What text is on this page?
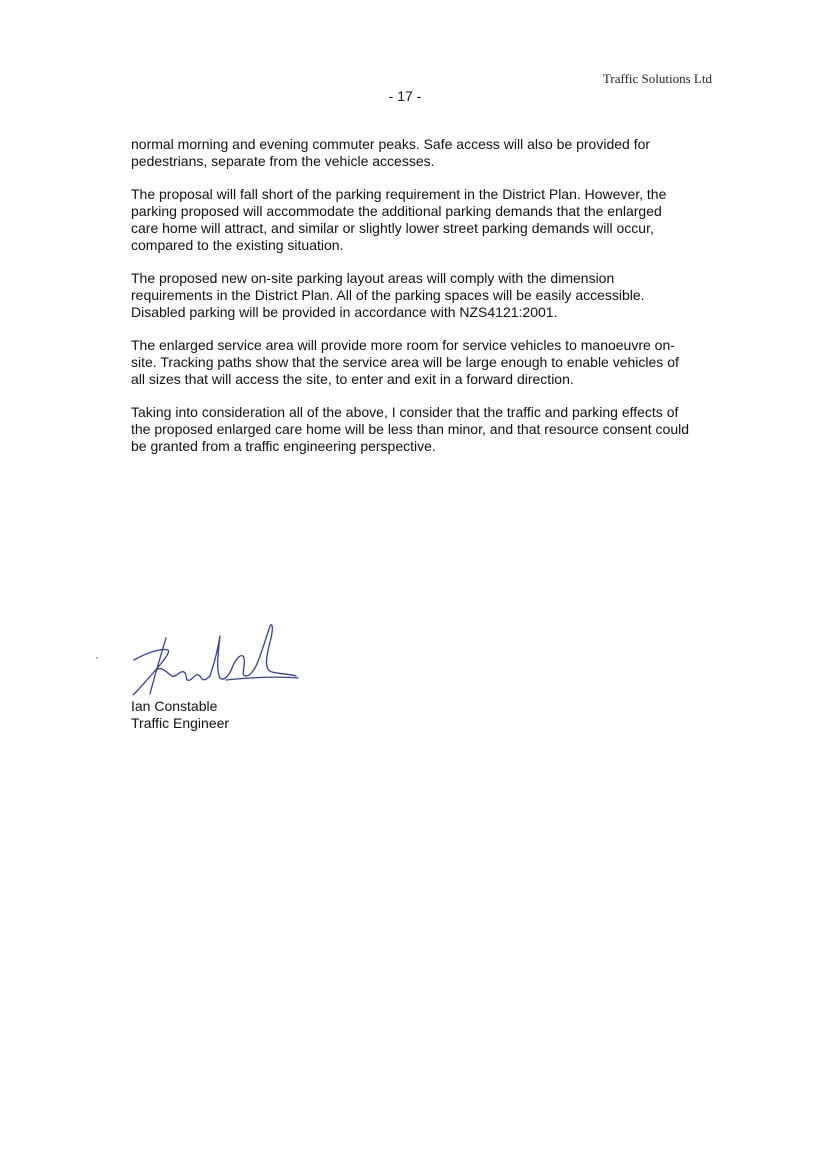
Traffic Solutions Ltd
- 17 -

normal morning and evening commuter peaks. Safe access will also be provided for pedestrians, separate from the vehicle accesses.

The proposal will fall short of the parking requirement in the District Plan. However, the parking proposed will accommodate the additional parking demands that the enlarged care home will attract, and similar or slightly lower street parking demands will occur, compared to the existing situation.

The proposed new on-site parking layout areas will comply with the dimension requirements in the District Plan. All of the parking spaces will be easily accessible. Disabled parking will be provided in accordance with NZS4121:2001.

The enlarged service area will provide more room for service vehicles to manoeuvre on-site. Tracking paths show that the service area will be large enough to enable vehicles of all sizes that will access the site, to enter and exit in a forward direction.

Taking into consideration all of the above, I consider that the traffic and parking effects of the proposed enlarged care home will be less than minor, and that resource consent could be granted from a traffic engineering perspective.

Ian Constable
Traffic Engineer
